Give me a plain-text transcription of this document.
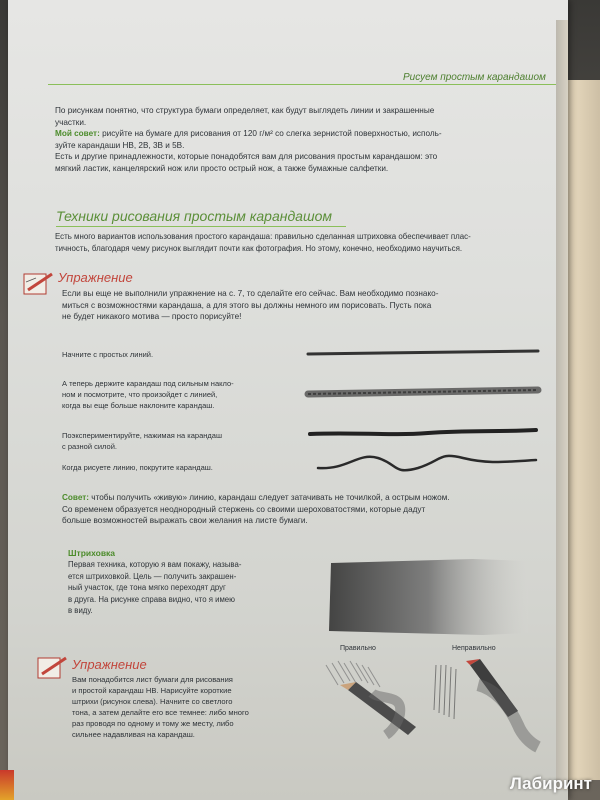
Рисуем простым карандашом
По рисункам понятно, что структура бумаги определяет, как будут выглядеть линии и закрашенные
участки.
Мой совет: рисуйте на бумаге для рисования от 120 г/м² со слегка зернистой поверхностью, исполь-
зуйте карандаши HB, 2B, 3B и 5B.
Есть и другие принадлежности, которые понадобятся вам для рисования простым карандашом: это
мягкий ластик, канцелярский нож или просто острый нож, а также бумажные салфетки.
Техники рисования простым карандашом
Есть много вариантов использования простого карандаша: правильно сделанная штриховка обеспечивает плас-
тичность, благодаря чему рисунок выглядит почти как фотография. Но этому, конечно, необходимо научиться.
Упражнение
Если вы еще не выполнили упражнение на с. 7, то сделайте его сейчас. Вам необходимо познако-
миться с возможностями карандаша, а для этого вы должны немного им порисовать. Пусть пока
не будет никакого мотива — просто порисуйте!
Начните с простых линий.
А теперь держите карандаш под сильным накло-
ном и посмотрите, что произойдет с линией,
когда вы еще больше наклоните карандаш.
Поэкспериментируйте, нажимая на карандаш
с разной силой.
Когда рисуете линию, покрутите карандаш.
Совет: чтобы получить «живую» линию, карандаш следует затачивать не точилкой, а острым ножом.
Со временем образуется неоднородный стержень со своими шероховатостями, которые дадут
больше возможностей выражать свои желания на листе бумаги.
Штриховка
Первая техника, которую я вам покажу, называ-
ется штриховкой. Цель — получить закрашен-
ный участок, где тона мягко переходят друг
в друга. На рисунке справа видно, что я имею
в виду.
Упражнение
Вам понадобится лист бумаги для рисования
и простой карандаш HB. Нарисуйте короткие
штрихи (рисунок слева). Начните со светлого
тона, а затем делайте его все темнее: либо много
раз проводя по одному и тому же месту, либо
сильнее надавливая на карандаш.
Правильно	Неправильно
Лабиринт
